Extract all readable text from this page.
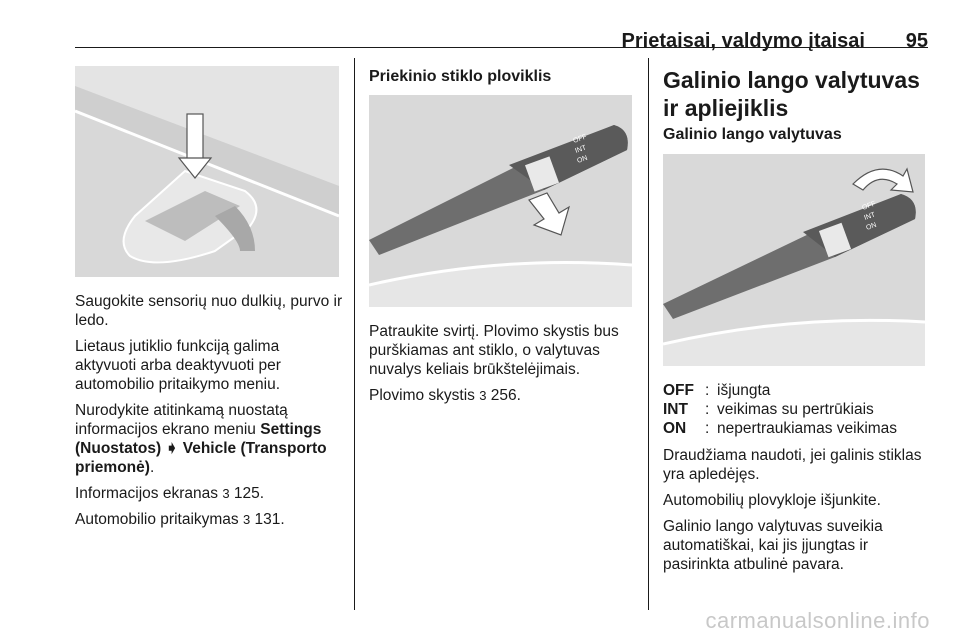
Prietaisai, valdymo įtaisai 95

Saugokite sensorių nuo dulkių, purvo ir ledo.

Lietaus jutiklio funkciją galima aktyvuoti arba deaktyvuoti per automobilio pritaikymo meniu.

Nurodykite atitinkamą nuostatą informacijos ekrano meniu Settings (Nuostatos) ➧ Vehicle (Transporto priemonė).

Informacijos ekranas 3 125.

Automobilio pritaikymas 3 131.

Priekinio stiklo ploviklis
OFF
INT
ON

Patraukite svirtį. Plovimo skystis bus purškiamas ant stiklo, o valytuvas nuvalys keliais brūkštelėjimais.

Plovimo skystis 3 256.

Galinio lango valytuvas ir apliejiklis
Galinio lango valytuvas
OFF
INT
ON
OFF : išjungta
INT	: veikimas su pertrūkiais
ON	: nepertraukiamas veikimas

Draudžiama naudoti, jei galinis stiklas yra apledėjęs.

Automobilių plovykloje išjunkite.

Galinio lango valytuvas suveikia automatiškai, kai jis įjungtas ir pasirinkta atbulinė pavara.

carmanualsonline.info
